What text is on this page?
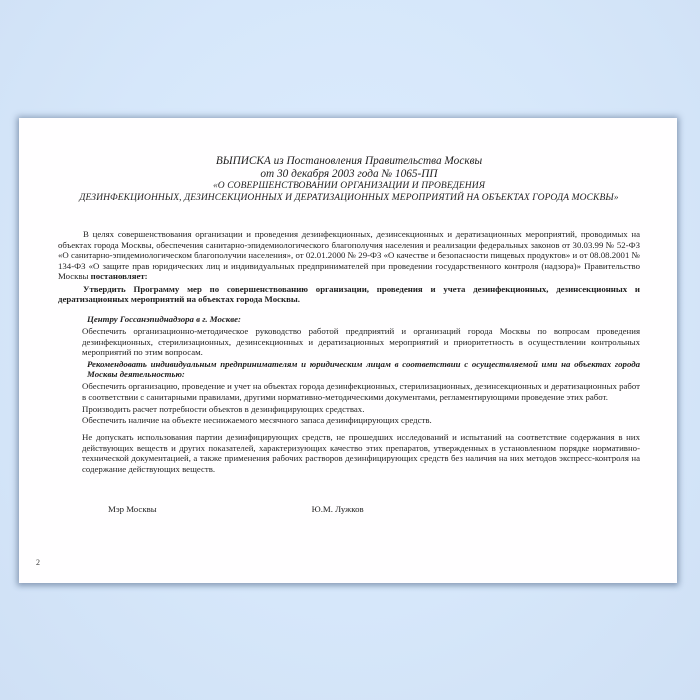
ВЫПИСКА из Постановления Правительства Москвы
от 30 декабря 2003 года № 1065-ПП
«О СОВЕРШЕНСТВОВАНИИ ОРГАНИЗАЦИИ И ПРОВЕДЕНИЯ
ДЕЗИНФЕКЦИОННЫХ, ДЕЗИНСЕКЦИОННЫХ И ДЕРАТИЗАЦИОННЫХ МЕРОПРИЯТИЙ НА ОБЪЕКТАХ ГОРОДА МОСКВЫ»

В целях совершенствования организации и проведения дезинфекционных, дезинсекционных и дератизационных мероприятий, проводимых на объектах города Москвы, обеспечения санитарно-эпидемиологического благополучия населения и реализации федеральных законов от 30.03.99 № 52-ФЗ «О санитарно-эпидемиологическом благополучии населения», от 02.01.2000 № 29-ФЗ «О качестве и безопасности пищевых продуктов» и от 08.08.2001 № 134-ФЗ «О защите прав юридических лиц и индивидуальных предпринимателей при проведении государственного контроля (надзора)» Правительство Москвы постановляет:

Утвердить Программу мер по совершенствованию организации, проведения и учета дезинфекционных, дезинсекционных и дератизационных мероприятий на объектах города Москвы.

Центру Госсанэпиднадзора в г. Москве:

Обеспечить организационно-методическое руководство работой предприятий и организаций города Москвы по вопросам проведения дезинфекционных, стерилизационных, дезинсекционных и дератизационных мероприятий и приоритетность в осуществлении контрольных мероприятий по этим вопросам.

Рекомендовать индивидуальным предпринимателям и юридическим лицам в соответствии с осуществляемой ими на объектах города Москвы деятельностью:

Обеспечить организацию, проведение и учет на объектах города дезинфекционных, стерилизационных, дезинсекционных и дератизационных работ в соответствии с санитарными правилами, другими нормативно-методическими документами, регламентирующими проведение этих работ.

Производить расчет потребности объектов в дезинфицирующих средствах.

Обеспечить наличие на объекте неснижаемого месячного запаса дезинфицирующих средств.

Не допускать использования партии дезинфицирующих средств, не прошедших исследований и испытаний на соответствие содержания в них действующих веществ и других показателей, характеризующих качество этих препаратов, утвержденных в установленном порядке нормативно-технической документацией, а также применения рабочих растворов дезинфицирующих средств без наличия на них методов экспресс-контроля на содержание действующих веществ.

Мэр Москвы	Ю.М. Лужков
2
